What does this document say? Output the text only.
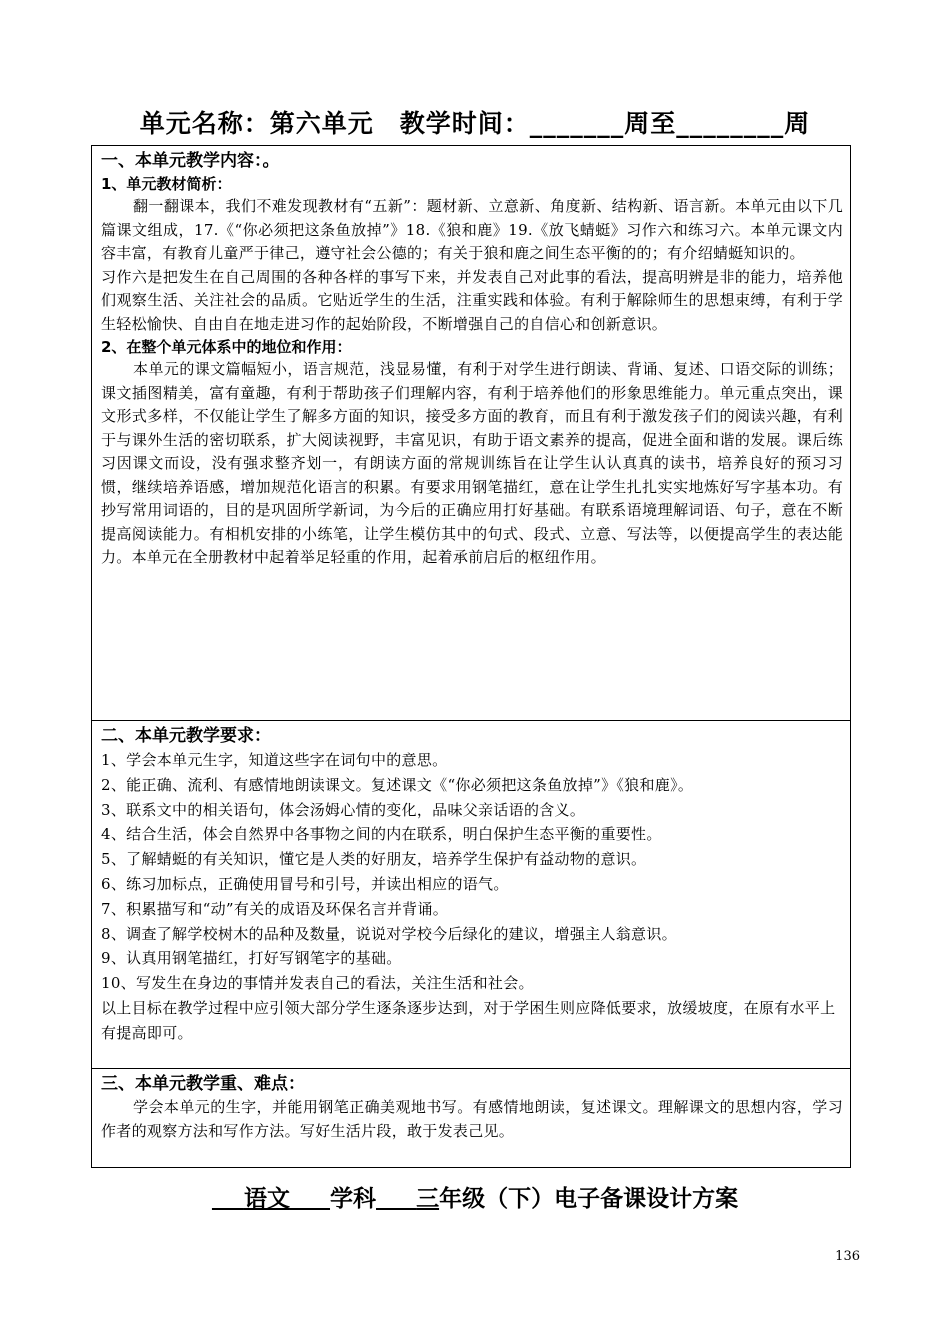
单元名称：第六单元　教学时间：_______周至________周
一、本单元教学内容：。
1、单元教材简析：

翻一翻课本，我们不难发现教材有“五新”：题材新、立意新、角度新、结构新、语言新。本单元由以下几篇课文组成，17.《“你必须把这条鱼放掉”》18.《狼和鹿》19.《放飞蜻蜓》习作六和练习六。本单元课文内容丰富，有教育儿童严于律己，遵守社会公德的；有关于狼和鹿之间生态平衡的的；有介绍蜻蜓知识的。

习作六是把发生在自己周围的各种各样的事写下来，并发表自己对此事的看法，提高明辨是非的能力，培养他们观察生活、关注社会的品质。它贴近学生的生活，注重实践和体验。有利于解除师生的思想束缚，有利于学生轻松愉快、自由自在地走进习作的起始阶段，不断增强自己的自信心和创新意识。

2、在整个单元体系中的地位和作用：

本单元的课文篇幅短小，语言规范，浅显易懂，有利于对学生进行朗读、背诵、复述、口语交际的训练；课文插图精美，富有童趣，有利于帮助孩子们理解内容，有利于培养他们的形象思维能力。单元重点突出，课文形式多样，不仅能让学生了解多方面的知识，接受多方面的教育，而且有利于激发孩子们的阅读兴趣，有利于与课外生活的密切联系，扩大阅读视野，丰富见识，有助于语文素养的提高，促进全面和谐的发展。课后练习因课文而设，没有强求整齐划一，有朗读方面的常规训练旨在让学生认认真真的读书，培养良好的预习习惯，继续培养语感，增加规范化语言的积累。有要求用钢笔描红，意在让学生扎扎实实地炼好写字基本功。有抄写常用词语的，目的是巩固所学新词，为今后的正确应用打好基础。有联系语境理解词语、句子，意在不断提高阅读能力。有相机安排的小练笔，让学生模仿其中的句式、段式、立意、写法等，以便提高学生的表达能力。本单元在全册教材中起着举足轻重的作用，起着承前启后的枢纽作用。

二、本单元教学要求：

1、学会本单元生字，知道这些字在词句中的意思。

2、能正确、流利、有感情地朗读课文。复述课文《“你必须把这条鱼放掉”》《狼和鹿》。

3、联系文中的相关语句，体会汤姆心情的变化，品味父亲话语的含义。

4、结合生活，体会自然界中各事物之间的内在联系，明白保护生态平衡的重要性。

5、了解蜻蜓的有关知识，懂它是人类的好朋友，培养学生保护有益动物的意识。

6、练习加标点，正确使用冒号和引号，并读出相应的语气。

7、积累描写和“动”有关的成语及环保名言并背诵。

8、调查了解学校树木的品种及数量，说说对学校今后绿化的建议，增强主人翁意识。

9、认真用钢笔描红，打好写钢笔字的基础。

10、写发生在身边的事情并发表自己的看法，关注生活和社会。

以上目标在教学过程中应引领大部分学生逐条逐步达到，对于学困生则应降低要求，放缓坡度，在原有水平上有提高即可。

三、本单元教学重、难点：

学会本单元的生字，并能用钢笔正确美观地书写。有感情地朗读，复述课文。理解课文的思想内容，学习作者的观察方法和写作方法。写好生活片段，敢于发表己见。

语文 学科 三年级（下）电子备课设计方案
136
